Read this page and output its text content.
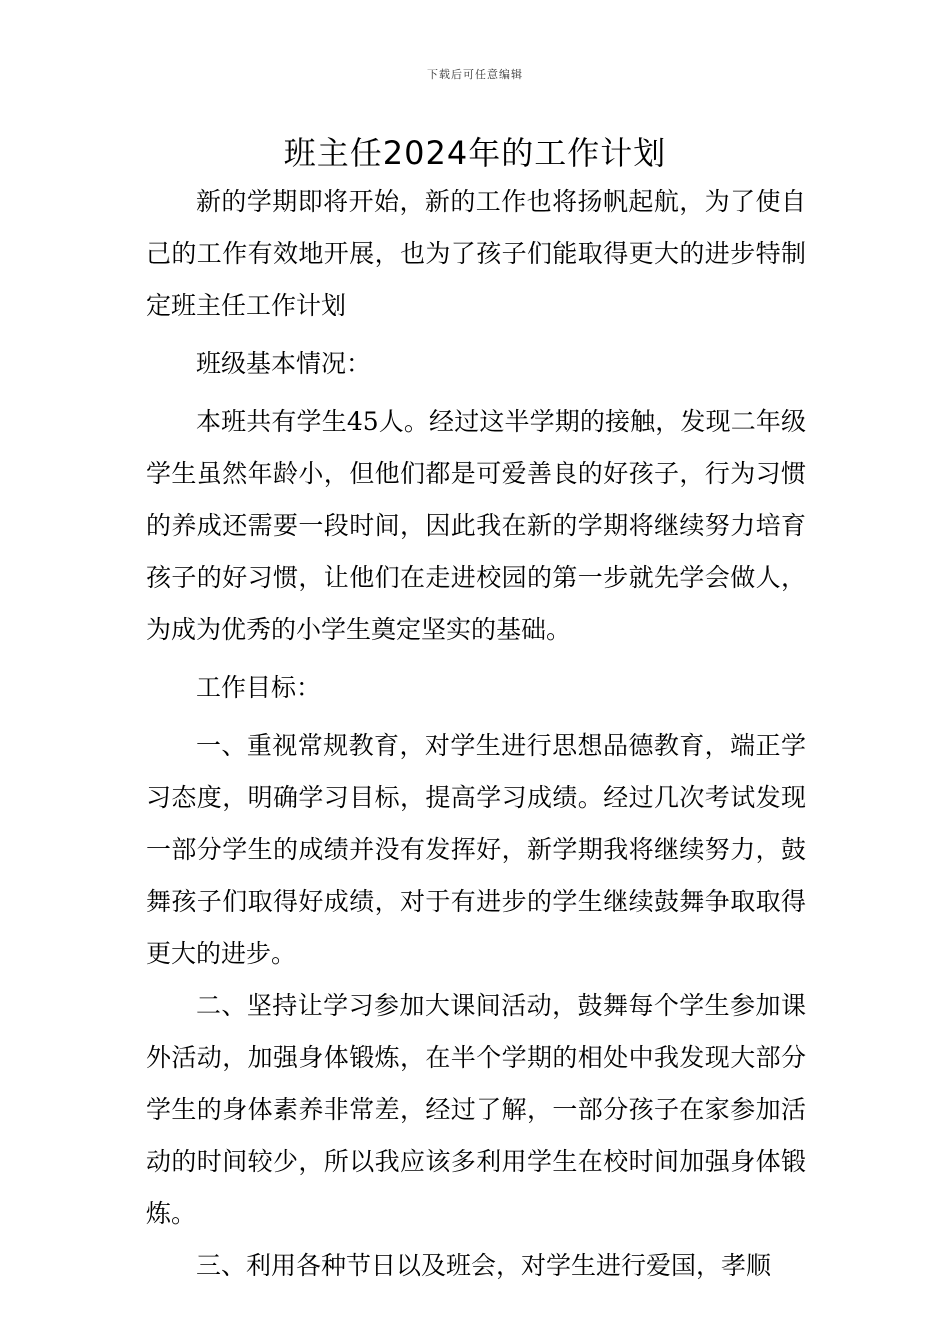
下载后可任意编辑
班主任2024年的工作计划

新的学期即将开始，新的工作也将扬帆起航，为了使自己的工作有效地开展，也为了孩子们能取得更大的进步特制定班主任工作计划

班级基本情况：

本班共有学生45人。经过这半学期的接触，发现二年级学生虽然年龄小，但他们都是可爱善良的好孩子，行为习惯的养成还需要一段时间，因此我在新的学期将继续努力培育孩子的好习惯，让他们在走进校园的第一步就先学会做人，为成为优秀的小学生奠定坚实的基础。

工作目标：

一、重视常规教育，对学生进行思想品德教育，端正学习态度，明确学习目标，提高学习成绩。经过几次考试发现一部分学生的成绩并没有发挥好，新学期我将继续努力，鼓舞孩子们取得好成绩，对于有进步的学生继续鼓舞争取取得更大的进步。

二、坚持让学习参加大课间活动，鼓舞每个学生参加课外活动，加强身体锻炼，在半个学期的相处中我发现大部分学生的身体素养非常差，经过了解，一部分孩子在家参加活动的时间较少，所以我应该多利用学生在校时间加强身体锻炼。

三、利用各种节日以及班会，对学生进行爱国，孝顺
